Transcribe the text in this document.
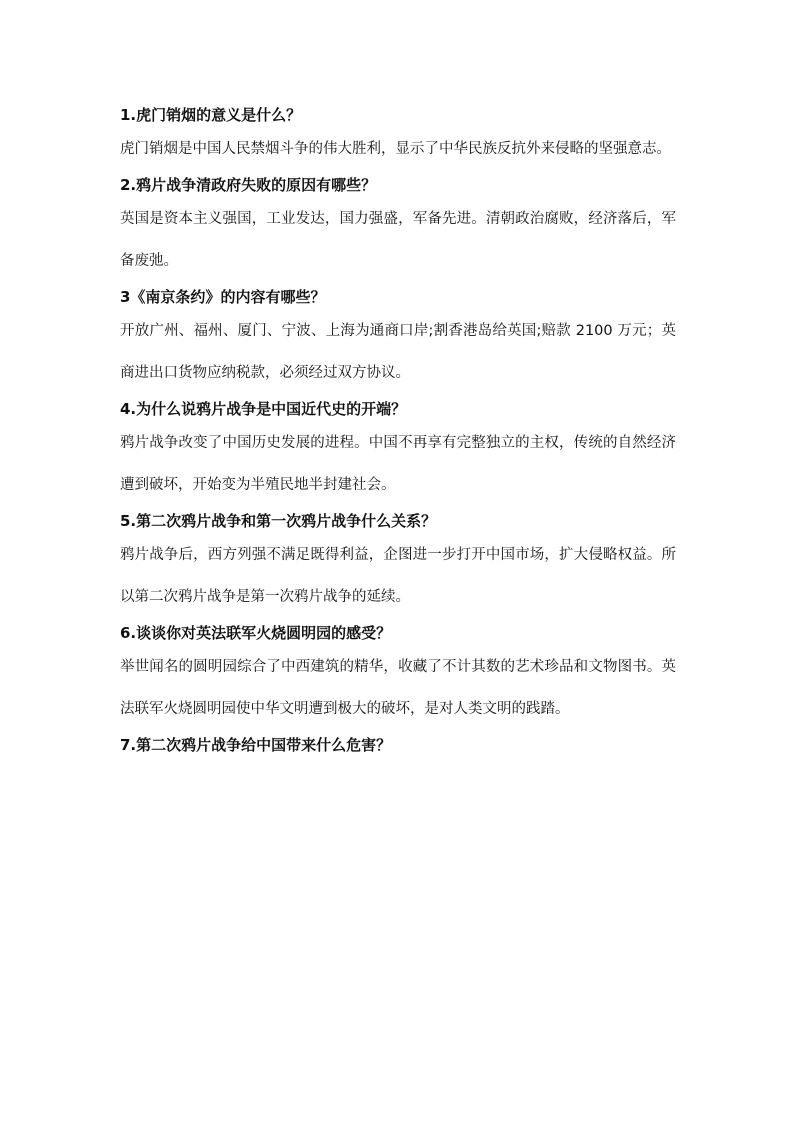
1.虎门销烟的意义是什么？

虎门销烟是中国人民禁烟斗争的伟大胜利，显示了中华民族反抗外来侵略的坚强意志。

2.鸦片战争清政府失败的原因有哪些？

英国是资本主义强国，工业发达，国力强盛，军备先进。清朝政治腐败，经济落后，军备废弛。

3《南京条约》的内容有哪些？

开放广州、福州、厦门、宁波、上海为通商口岸;割香港岛给英国;赔款 2100 万元；英商进出口货物应纳税款，必须经过双方协议。

4.为什么说鸦片战争是中国近代史的开端？

鸦片战争改变了中国历史发展的进程。中国不再享有完整独立的主权，传统的自然经济遭到破坏，开始变为半殖民地半封建社会。

5.第二次鸦片战争和第一次鸦片战争什么关系？

鸦片战争后，西方列强不满足既得利益，企图进一步打开中国市场，扩大侵略权益。所以第二次鸦片战争是第一次鸦片战争的延续。

6.谈谈你对英法联军火烧圆明园的感受？

举世闻名的圆明园综合了中西建筑的精华，收藏了不计其数的艺术珍品和文物图书。英法联军火烧圆明园使中华文明遭到极大的破坏，是对人类文明的践踏。

7.第二次鸦片战争给中国带来什么危害？
